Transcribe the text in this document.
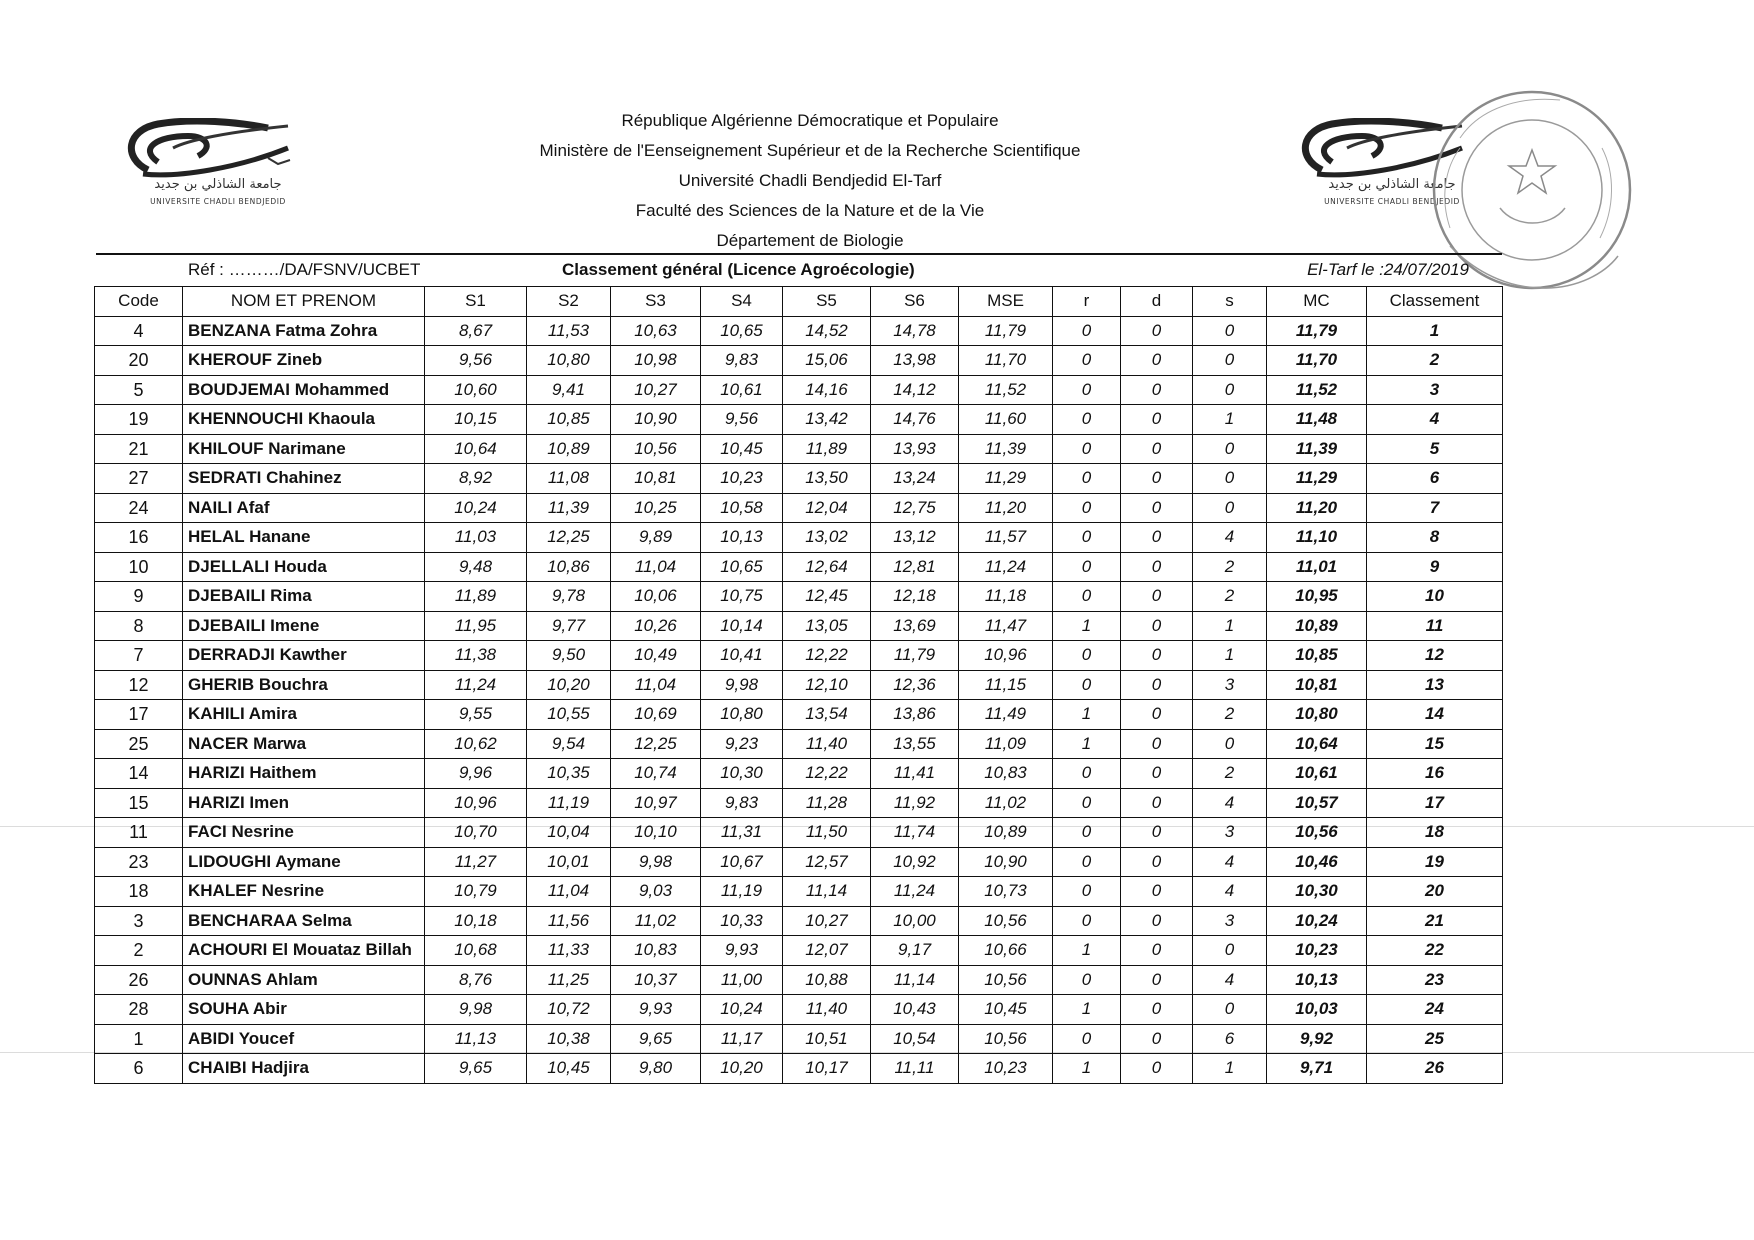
جامعة الشاذلي بن جديد
UNIVERSITE CHADLI BENDJEDID
جامعة الشاذلي بن جديد
UNIVERSITE CHADLI BENDJEDID
République Algérienne Démocratique et Populaire
Ministère de l'Eenseignement Supérieur et de la Recherche Scientifique
Université Chadli Bendjedid El-Tarf
Faculté des Sciences de la Nature et de la Vie
Département de Biologie
Réf : ………/DA/FSNV/UCBET	Classement général (Licence Agroécologie)	El-Tarf le :24/07/2019
Code	NOM ET PRENOM	S1	S2	S3	S4	S5	S6	MSE	r	d	s	MC	Classement
4	BENZANA Fatma Zohra	8,67	11,53	10,63	10,65	14,52	14,78	11,79	0	0	0	11,79	1
20	KHEROUF Zineb	9,56	10,80	10,98	9,83	15,06	13,98	11,70	0	0	0	11,70	2
5	BOUDJEMAI Mohammed	10,60	9,41	10,27	10,61	14,16	14,12	11,52	0	0	0	11,52	3
19	KHENNOUCHI Khaoula	10,15	10,85	10,90	9,56	13,42	14,76	11,60	0	0	1	11,48	4
21	KHILOUF Narimane	10,64	10,89	10,56	10,45	11,89	13,93	11,39	0	0	0	11,39	5
27	SEDRATI Chahinez	8,92	11,08	10,81	10,23	13,50	13,24	11,29	0	0	0	11,29	6
24	NAILI Afaf	10,24	11,39	10,25	10,58	12,04	12,75	11,20	0	0	0	11,20	7
16	HELAL Hanane	11,03	12,25	9,89	10,13	13,02	13,12	11,57	0	0	4	11,10	8
10	DJELLALI Houda	9,48	10,86	11,04	10,65	12,64	12,81	11,24	0	0	2	11,01	9
9	DJEBAILI Rima	11,89	9,78	10,06	10,75	12,45	12,18	11,18	0	0	2	10,95	10
8	DJEBAILI Imene	11,95	9,77	10,26	10,14	13,05	13,69	11,47	1	0	1	10,89	11
7	DERRADJI Kawther	11,38	9,50	10,49	10,41	12,22	11,79	10,96	0	0	1	10,85	12
12	GHERIB Bouchra	11,24	10,20	11,04	9,98	12,10	12,36	11,15	0	0	3	10,81	13
17	KAHILI Amira	9,55	10,55	10,69	10,80	13,54	13,86	11,49	1	0	2	10,80	14
25	NACER Marwa	10,62	9,54	12,25	9,23	11,40	13,55	11,09	1	0	0	10,64	15
14	HARIZI Haithem	9,96	10,35	10,74	10,30	12,22	11,41	10,83	0	0	2	10,61	16
15	HARIZI Imen	10,96	11,19	10,97	9,83	11,28	11,92	11,02	0	0	4	10,57	17
11	FACI Nesrine	10,70	10,04	10,10	11,31	11,50	11,74	10,89	0	0	3	10,56	18
23	LIDOUGHI Aymane	11,27	10,01	9,98	10,67	12,57	10,92	10,90	0	0	4	10,46	19
18	KHALEF Nesrine	10,79	11,04	9,03	11,19	11,14	11,24	10,73	0	0	4	10,30	20
3	BENCHARAA Selma	10,18	11,56	11,02	10,33	10,27	10,00	10,56	0	0	3	10,24	21
2	ACHOURI El Mouataz Billah	10,68	11,33	10,83	9,93	12,07	9,17	10,66	1	0	0	10,23	22
26	OUNNAS Ahlam	8,76	11,25	10,37	11,00	10,88	11,14	10,56	0	0	4	10,13	23
28	SOUHA Abir	9,98	10,72	9,93	10,24	11,40	10,43	10,45	1	0	0	10,03	24
1	ABIDI Youcef	11,13	10,38	9,65	11,17	10,51	10,54	10,56	0	0	6	9,92	25
6	CHAIBI Hadjira	9,65	10,45	9,80	10,20	10,17	11,11	10,23	1	0	1	9,71	26
